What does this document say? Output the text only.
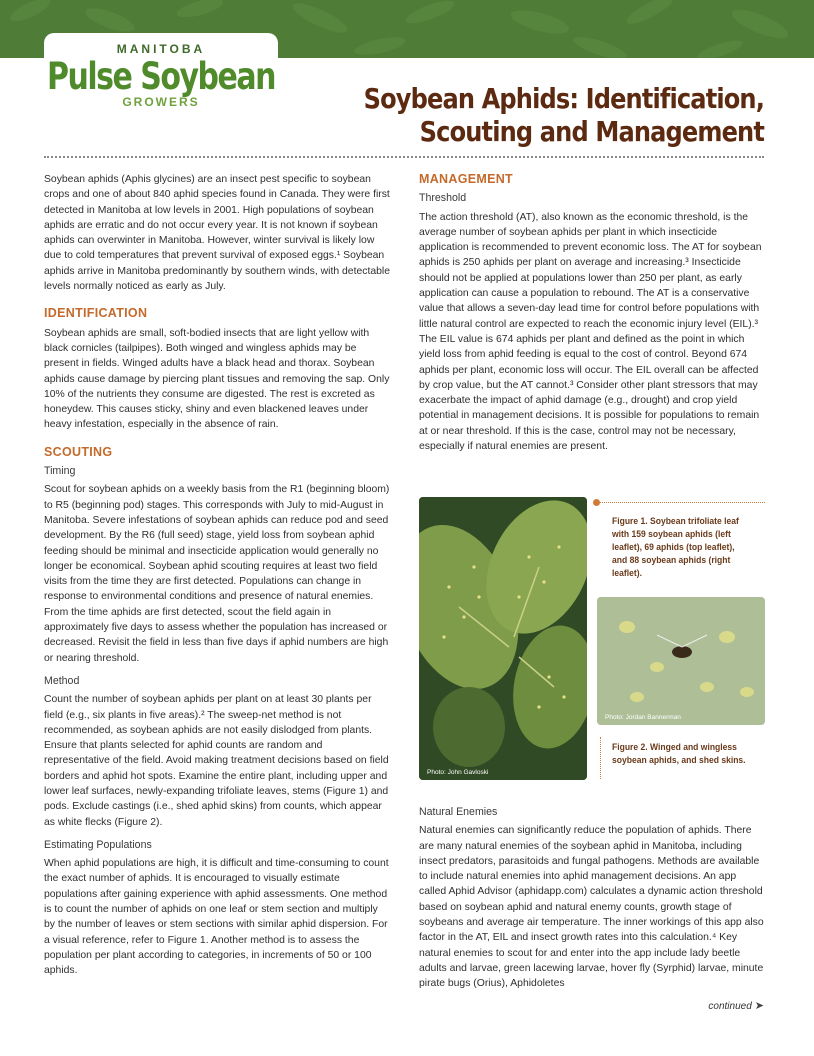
MANITOBA
Pulse Soybean
GROWERS	Soybean Aphids: Identification, Scouting and Management

Soybean aphids (Aphis glycines) are an insect pest specific to soybean crops and one of about 840 aphid species found in Canada. They were first detected in Manitoba at low levels in 2001. High populations of soybean aphids are erratic and do not occur every year. It is not known if soybean aphids can overwinter in Manitoba. However, winter survival is likely low due to cold temperatures that prevent survival of exposed eggs.¹ Soybean aphids arrive in Manitoba predominantly by southern winds, with detectable levels normally noticed as early as July.

IDENTIFICATION

Soybean aphids are small, soft-bodied insects that are light yellow with black cornicles (tailpipes). Both winged and wingless aphids may be present in fields. Winged adults have a black head and thorax. Soybean aphids cause damage by piercing plant tissues and removing the sap. Only 10% of the nutrients they consume are digested. The rest is excreted as honeydew. This causes sticky, shiny and even blackened leaves under heavy infestation, especially in the absence of rain.

SCOUTING
Timing

Scout for soybean aphids on a weekly basis from the R1 (beginning bloom) to R5 (beginning pod) stages. This corresponds with July to mid-August in Manitoba. Severe infestations of soybean aphids can reduce pod and seed development. By the R6 (full seed) stage, yield loss from soybean aphid feeding should be minimal and insecticide application would generally no longer be economical. Soybean aphid scouting requires at least two field visits from the time they are first detected. Populations can change in response to environmental conditions and presence of natural enemies. From the time aphids are first detected, scout the field again in approximately five days to assess whether the population has increased or decreased. Revisit the field in less than five days if aphid numbers are high or nearing threshold.

Method

Count the number of soybean aphids per plant on at least 30 plants per field (e.g., six plants in five areas).² The sweep-net method is not recommended, as soybean aphids are not easily dislodged from plants. Ensure that plants selected for aphid counts are random and representative of the field. Avoid making treatment decisions based on field borders and aphid hot spots. Examine the entire plant, including upper and lower leaf surfaces, newly-expanding trifoliate leaves, stems (Figure 1) and pods. Exclude castings (i.e., shed aphid skins) from counts, which appear as white flecks (Figure 2).

Estimating Populations

When aphid populations are high, it is difficult and time-consuming to count the exact number of aphids. It is encouraged to visually estimate populations after gaining experience with aphid assessments. One method is to count the number of aphids on one leaf or stem section and multiply by the number of leaves or stem sections with similar aphid dispersion. For a visual reference, refer to Figure 1. Another method is to assess the population per plant according to categories, in increments of 50 or 100 aphids.

MANAGEMENT
Threshold

The action threshold (AT), also known as the economic threshold, is the average number of soybean aphids per plant in which insecticide application is recommended to prevent economic loss. The AT for soybean aphids is 250 aphids per plant on average and increasing.³ Insecticide should not be applied at populations lower than 250 per plant, as early application can cause a population to rebound. The AT is a conservative value that allows a seven-day lead time for control before populations with little natural control are expected to reach the economic injury level (EIL).³ The EIL value is 674 aphids per plant and defined as the point in which yield loss from aphid feeding is equal to the cost of control. Beyond 674 aphids per plant, economic loss will occur. The EIL overall can be affected by crop value, but the AT cannot.³ Consider other plant stressors that may exacerbate the impact of aphid damage (e.g., drought) and crop yield potential in management decisions. It is possible for populations to remain at or near threshold. If this is the case, control may not be necessary, especially if natural enemies are present.

Photo: John Gavloski
Figure 1. Soybean trifoliate leaf with 159 soybean aphids (left leaflet), 69 aphids (top leaflet), and 88 soybean aphids (right leaflet).
Photo: Jordan Bannerman
Figure 2. Winged and wingless soybean aphids, and shed skins.
Natural Enemies

Natural enemies can significantly reduce the population of aphids. There are many natural enemies of the soybean aphid in Manitoba, including insect predators, parasitoids and fungal pathogens. Methods are available to include natural enemies into aphid management decisions. An app called Aphid Advisor (aphidapp.com) calculates a dynamic action threshold based on soybean aphid and natural enemy counts, growth stage of soybeans and average air temperature. The inner workings of this app also factor in the AT, EIL and insect growth rates into this calculation.⁴ Key natural enemies to scout for and enter into the app include lady beetle adults and larvae, green lacewing larvae, hover fly (Syrphid) larvae, minute pirate bugs (Orius), Aphidoletes

continued ➤
